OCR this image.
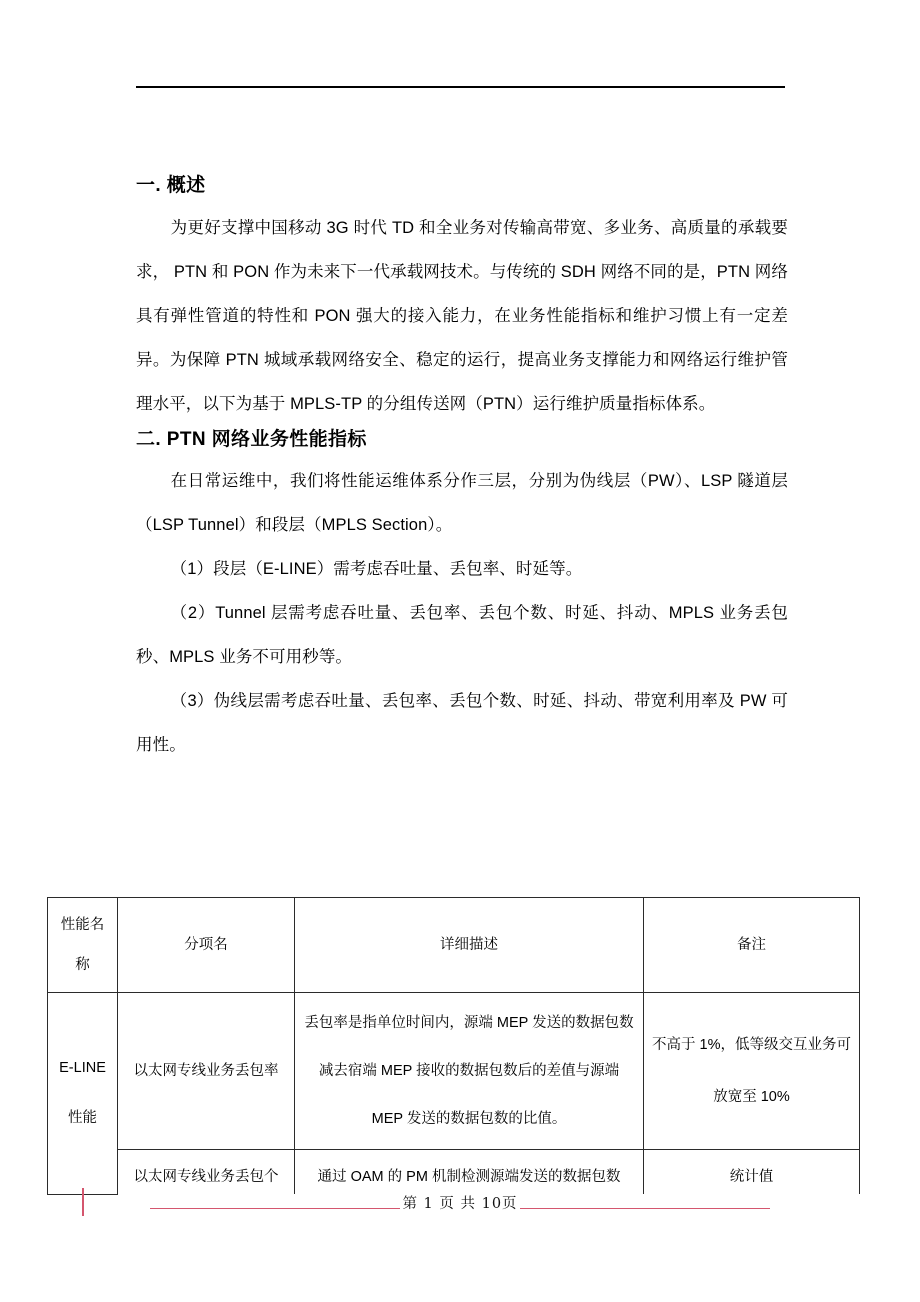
一. 概述

为更好支撑中国移动 3G 时代 TD 和全业务对传输高带宽、多业务、高质量的承载要求， PTN 和 PON 作为未来下一代承载网技术。与传统的 SDH 网络不同的是，PTN 网络具有弹性管道的特性和 PON 强大的接入能力，在业务性能指标和维护习惯上有一定差异。为保障 PTN 城域承载网络安全、稳定的运行，提高业务支撑能力和网络运行维护管理水平，以下为基于 MPLS-TP 的分组传送网（PTN）运行维护质量指标体系。

二. PTN 网络业务性能指标

在日常运维中，我们将性能运维体系分作三层，分别为伪线层（PW）、LSP 隧道层（LSP Tunnel）和段层（MPLS Section）。

（1）段层（E-LINE）需考虑吞吐量、丢包率、时延等。

（2）Tunnel 层需考虑吞吐量、丢包率、丢包个数、时延、抖动、MPLS 业务丢包秒、MPLS 业务不可用秒等。

（3）伪线层需考虑吞吐量、丢包率、丢包个数、时延、抖动、带宽利用率及 PW 可用性。

性能名称	分项名	详细描述	备注
E-LINE 性能	以太网专线业务丢包率	丢包率是指单位时间内，源端 MEP 发送的数据包数减去宿端 MEP 接收的数据包数后的差值与源端 MEP 发送的数据包数的比值。	不高于 1%，低等级交互业务可放宽至 10%
	以太网专线业务丢包个	通过 OAM 的 PM 机制检测源端发送的数据包数	统计值
第 1 页 共 10页
